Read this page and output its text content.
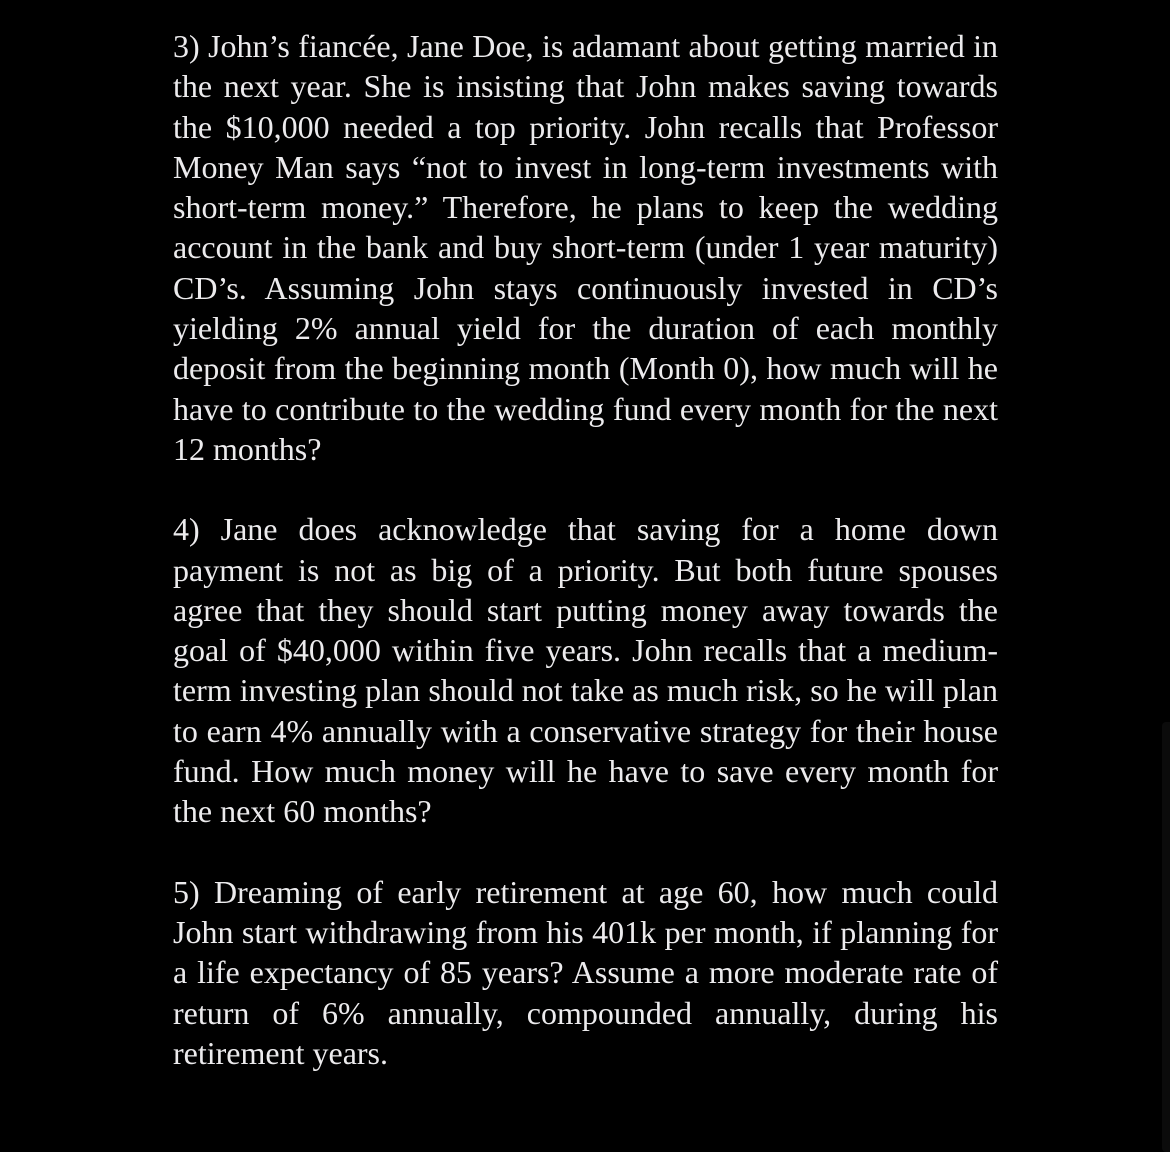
3) John’s fiancée, Jane Doe, is adamant about getting married in the next year. She is insisting that John makes saving towards the $10,000 needed a top priority. John recalls that Professor Money Man says “not to invest in long-term investments with short-term money.” Therefore, he plans to keep the wedding account in the bank and buy short-term (under 1 year maturity) CD’s. Assuming John stays continuously invested in CD’s yielding 2% annual yield for the duration of each monthly deposit from the beginning month (Month 0), how much will he have to contribute to the wedding fund every month for the next 12 months?

4) Jane does acknowledge that saving for a home down payment is not as big of a priority. But both future spouses agree that they should start putting money away towards the goal of $40,000 within five years. John recalls that a medium-term investing plan should not take as much risk, so he will plan to earn 4% annually with a conservative strategy for their house fund. How much money will he have to save every month for the next 60 months?

5) Dreaming of early retirement at age 60, how much could John start withdrawing from his 401k per month, if planning for a life expectancy of 85 years? Assume a more moderate rate of return of 6% annually, compounded annually, during his retirement years.
